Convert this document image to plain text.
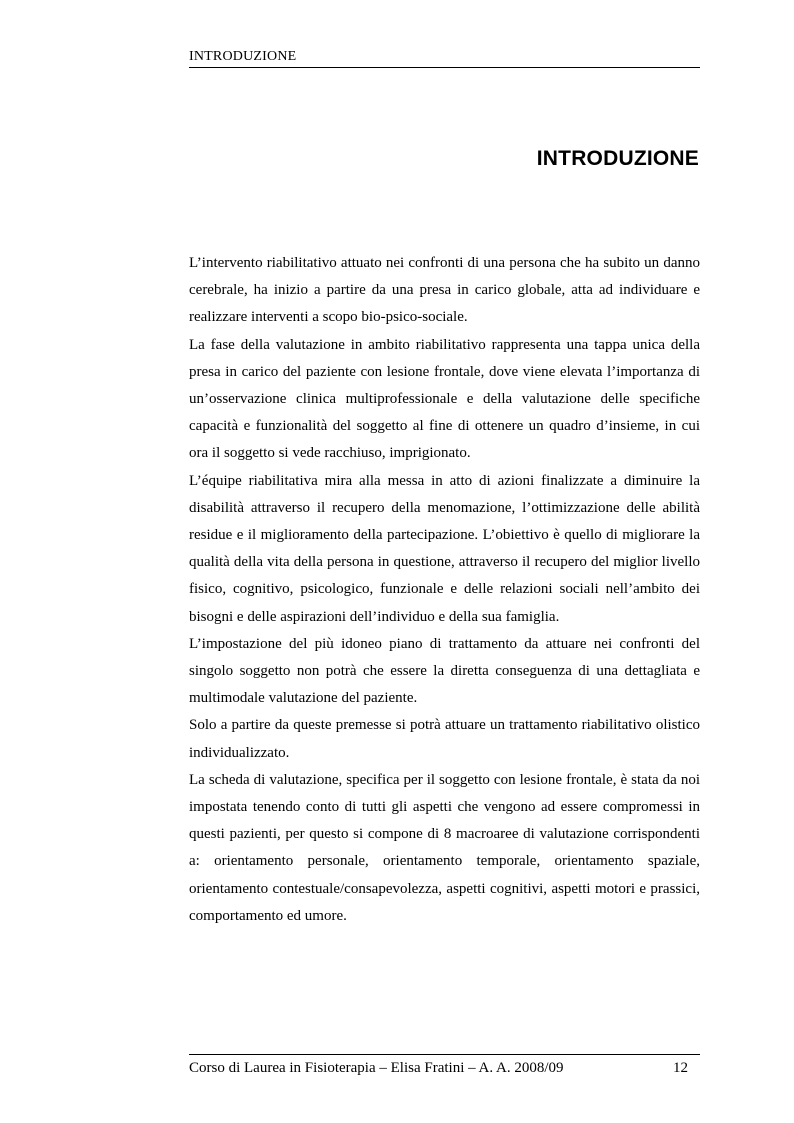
INTRODUZIONE
INTRODUZIONE

L’intervento riabilitativo attuato nei confronti di una persona che ha subito un danno cerebrale, ha inizio a partire da una presa in carico globale, atta ad individuare e realizzare interventi a scopo bio-psico-sociale.

La fase della valutazione in ambito riabilitativo rappresenta una tappa unica della presa in carico del paziente con lesione frontale, dove viene elevata l’importanza di un’osservazione clinica multiprofessionale e della valutazione delle specifiche capacità e funzionalità del soggetto al fine di ottenere un quadro d’insieme, in cui ora il soggetto si vede racchiuso, imprigionato.

L’équipe riabilitativa mira alla messa in atto di azioni finalizzate a diminuire la disabilità attraverso il recupero della menomazione, l’ottimizzazione delle abilità residue e il miglioramento della partecipazione. L’obiettivo è quello di migliorare la qualità della vita della persona in questione, attraverso il recupero del miglior livello fisico, cognitivo, psicologico, funzionale e delle relazioni sociali nell’ambito dei bisogni e delle aspirazioni dell’individuo e della sua famiglia.

L’impostazione del più idoneo piano di trattamento da attuare nei confronti del singolo soggetto non potrà che essere la diretta conseguenza di una dettagliata e multimodale valutazione del paziente.

Solo a partire da queste premesse si potrà attuare un trattamento riabilitativo olistico individualizzato.

La scheda di valutazione, specifica per il soggetto con lesione frontale, è stata da noi impostata tenendo conto di tutti gli aspetti che vengono ad essere compromessi in questi pazienti, per questo si compone di 8 macroaree di valutazione corrispondenti a: orientamento personale, orientamento temporale, orientamento spaziale, orientamento contestuale/consapevolezza, aspetti cognitivi, aspetti motori e prassici, comportamento ed umore.

Corso di Laurea in Fisioterapia – Elisa Fratini – A. A. 2008/09	12
